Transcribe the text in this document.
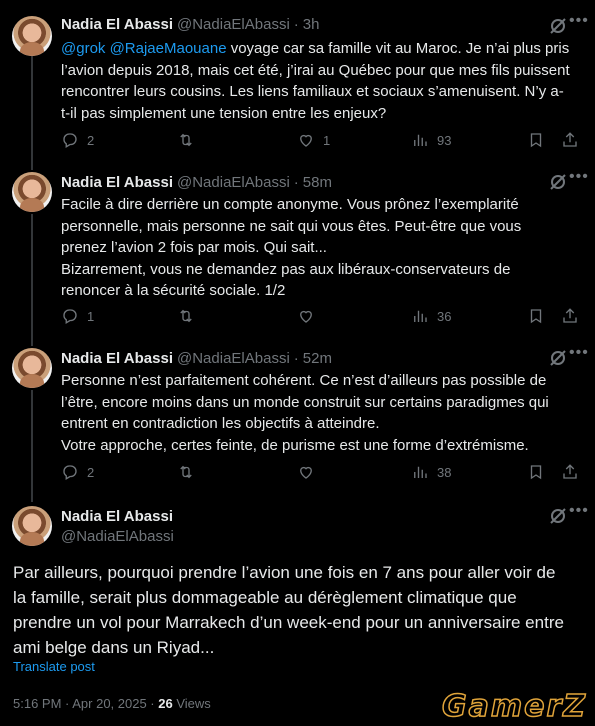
Nadia El Abassi @NadiaElAbassi · 3h	•••

@grok @RajaeMaouane voyage car sa famille vit au Maroc. Je n’ai plus pris l’avion depuis 2018, mais cet été, j’irai au Québec pour que mes fils puissent rencontrer leurs cousins. Les liens familiaux et sociaux s’amenuisent. N’y a-t-il pas simplement une tension entre les enjeux?

2	1	93
Nadia El Abassi @NadiaElAbassi · 58m	•••

Facile à dire derrière un compte anonyme. Vous prônez l’exemplarité personnelle, mais personne ne sait qui vous êtes. Peut-être que vous prenez l’avion 2 fois par mois. Qui sait...

Bizarrement, vous ne demandez pas aux libéraux-conservateurs de renoncer à la sécurité sociale. 1/2

1	36
Nadia El Abassi @NadiaElAbassi · 52m	•••

Personne n’est parfaitement cohérent. Ce n’est d’ailleurs pas possible de l’être, encore moins dans un monde construit sur certains paradigmes qui entrent en contradiction les objectifs à atteindre.

Votre approche, certes feinte, de purisme est une forme d’extrémisme.

2	38
Nadia El Abassi
@NadiaElAbassi
•••
Par ailleurs, pourquoi prendre l’avion une fois en 7 ans pour aller voir de la famille, serait plus dommageable au dérèglement climatique que prendre un vol pour Marrakech d’un week-end pour un anniversaire entre ami belge dans un Riyad...
Translate post
5:16 PM · Apr 20, 2025 · 26 Views	GamerZ
